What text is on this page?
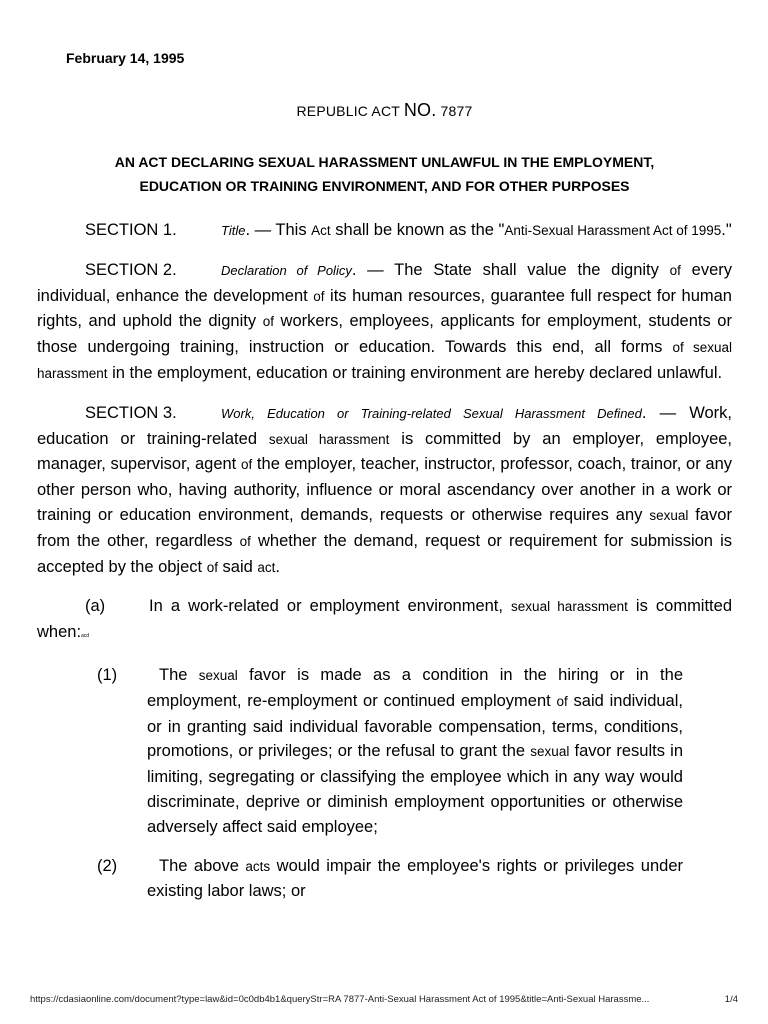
February 14, 1995
REPUBLIC ACT NO. 7877
AN ACT DECLARING SEXUAL HARASSMENT UNLAWFUL IN THE EMPLOYMENT,
EDUCATION OR TRAINING ENVIRONMENT, AND FOR OTHER PURPOSES

SECTION 1.	Title. — This Act shall be known as the "Anti-Sexual Harassment Act of 1995."

SECTION 2.	Declaration of Policy. — The State shall value the dignity of every individual, enhance the development of its human resources, guarantee full respect for human rights, and uphold the dignity of workers, employees, applicants for employment, students or those undergoing training, instruction or education. Towards this end, all forms of sexual harassment in the employment, education or training environment are hereby declared unlawful.

SECTION 3.	Work, Education or Training-related Sexual Harassment Defined. — Work, education or training-related sexual harassment is committed by an employer, employee, manager, supervisor, agent of the employer, teacher, instructor, professor, coach, trainor, or any other person who, having authority, influence or moral ascendancy over another in a work or training or education environment, demands, requests or otherwise requires any sexual favor from the other, regardless of whether the demand, request or requirement for submission is accepted by the object of said act.

(a)	In a work-related or employment environment, sexual harassment is committed when:acd

(1)	The sexual favor is made as a condition in the hiring or in the employment, re-employment or continued employment of said individual, or in granting said individual favorable compensation, terms, conditions, promotions, or privileges; or the refusal to grant the sexual favor results in limiting, segregating or classifying the employee which in any way would discriminate, deprive or diminish employment opportunities or otherwise adversely affect said employee;
(2)	The above acts would impair the employee's rights or privileges under existing labor laws; or
https://cdasiaonline.com/document?type=law&id=0c0db4b1&queryStr=RA 7877-Anti-Sexual Harassment Act of 1995&title=Anti-Sexual Harassme...	1/4
